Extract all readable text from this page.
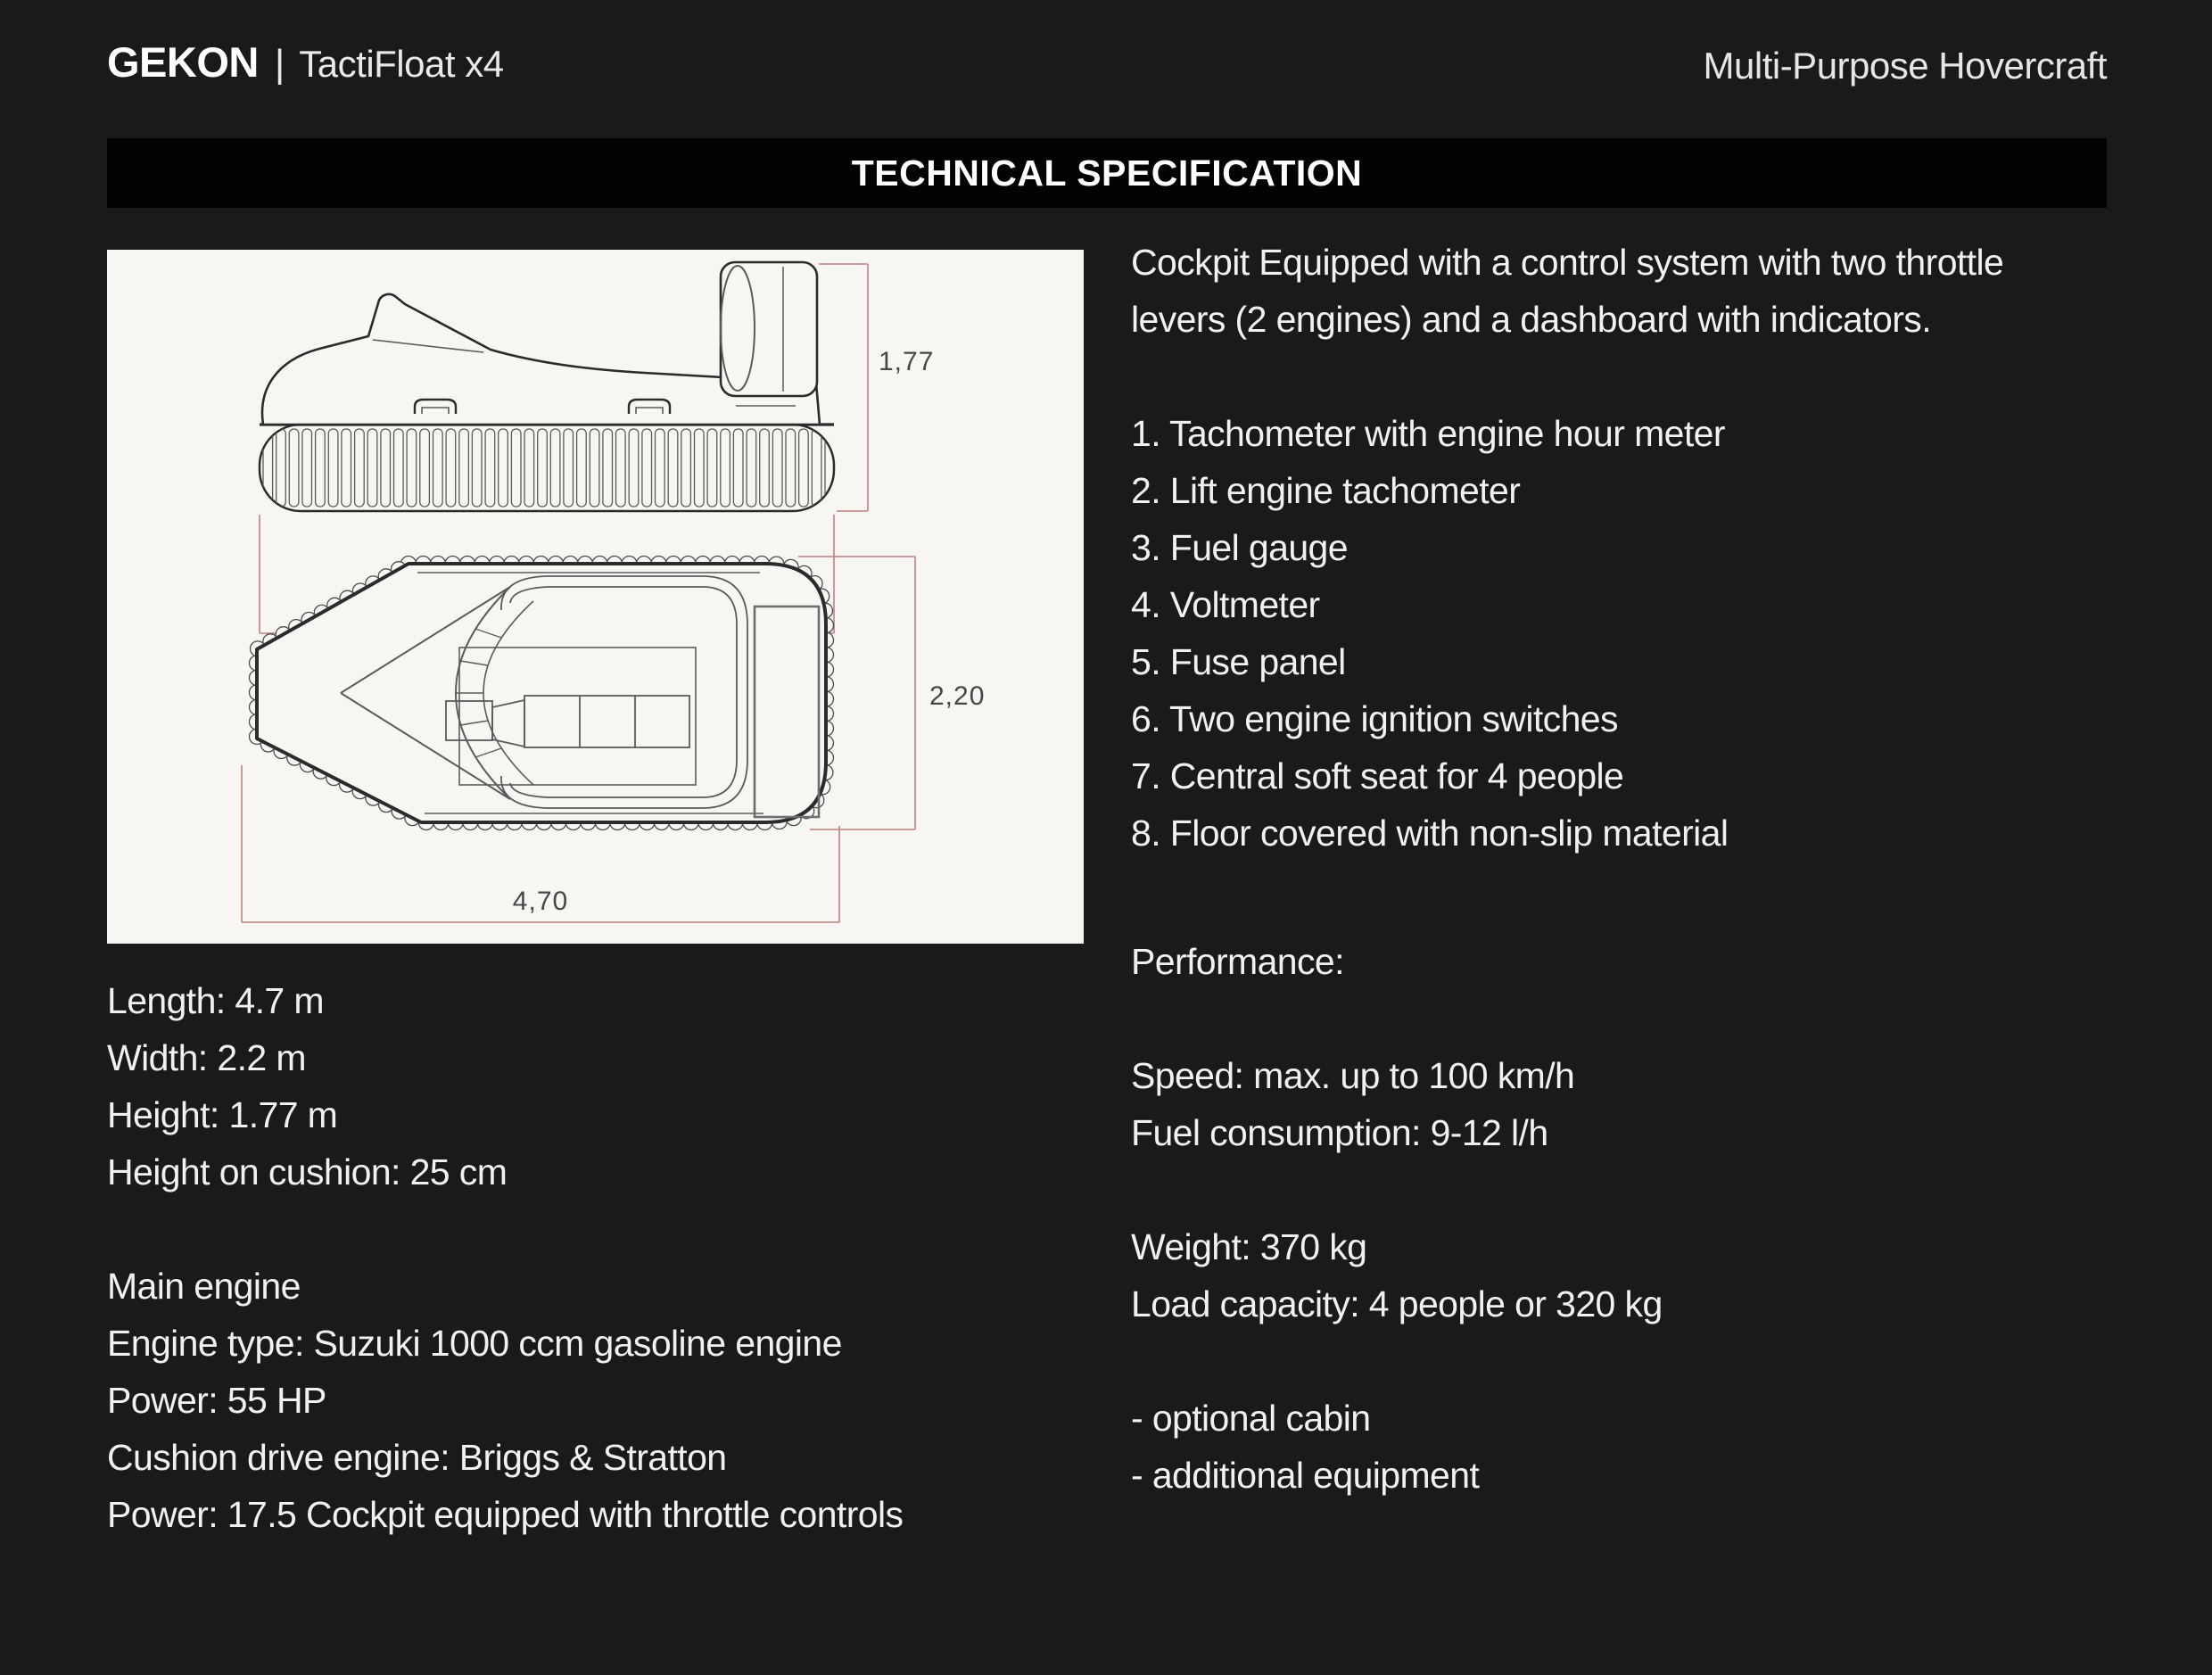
GEKON | TactiFloat x4	Multi-Purpose Hovercraft
TECHNICAL SPECIFICATION
1,77
2,20
4,70
Length: 4.7 m
Width: 2.2 m
Height: 1.77 m
Height on cushion: 25 cm
Main engine
Engine type: Suzuki 1000 ccm gasoline engine
Power: 55 HP
Cushion drive engine: Briggs & Stratton
Power: 17.5 Cockpit equipped with throttle controls

Cockpit Equipped with a control system with two throttle levers (2 engines) and a dashboard with indicators.

1. Tachometer with engine hour meter
2. Lift engine tachometer
3. Fuel gauge
4. Voltmeter
5. Fuse panel
6. Two engine ignition switches
7. Central soft seat for 4 people
8. Floor covered with non-slip material
Performance:
Speed: max. up to 100 km/h
Fuel consumption: 9-12 l/h
Weight: 370 kg
Load capacity: 4 people or 320 kg
- optional cabin
- additional equipment
